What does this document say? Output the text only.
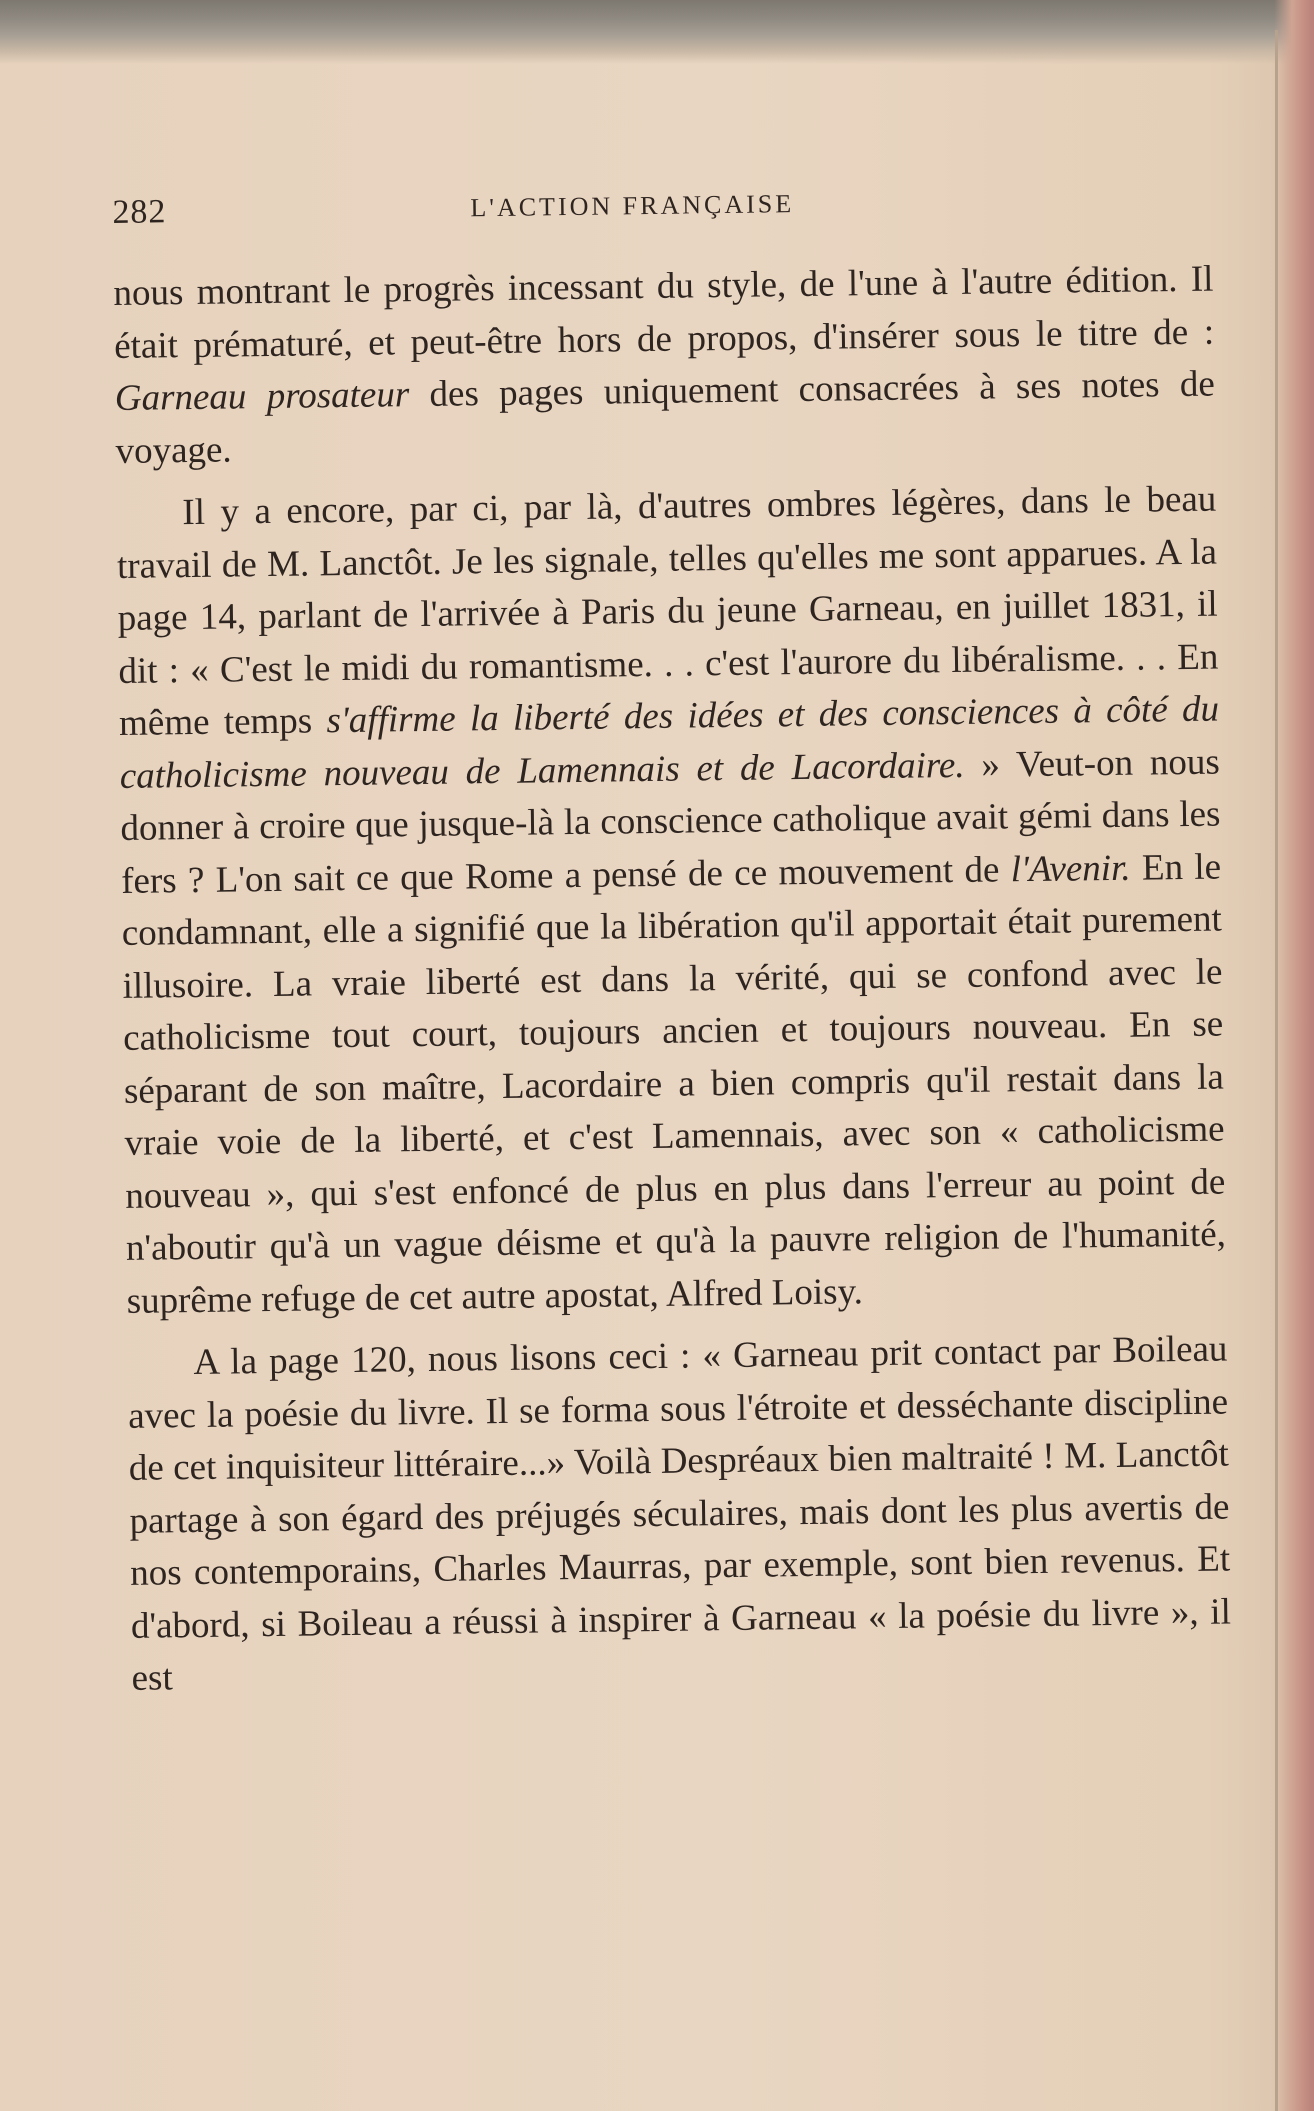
282	L'ACTION FRANÇAISE

nous montrant le progrès incessant du style, de l'une à l'autre édition. Il était prématuré, et peut-être hors de propos, d'insérer sous le titre de : Garneau prosateur des pages uniquement consacrées à ses notes de voyage.

Il y a encore, par ci, par là, d'autres ombres légères, dans le beau travail de M. Lanctôt. Je les signale, telles qu'elles me sont apparues. A la page 14, parlant de l'arrivée à Paris du jeune Garneau, en juillet 1831, il dit : « C'est le midi du romantisme. . . c'est l'aurore du libéralisme. . . En même temps s'affirme la liberté des idées et des consciences à côté du catholicisme nouveau de Lamennais et de Lacordaire. » Veut-on nous donner à croire que jusque-là la conscience catholique avait gémi dans les fers ? L'on sait ce que Rome a pensé de ce mouvement de l'Avenir. En le condamnant, elle a signifié que la libération qu'il apportait était purement illusoire. La vraie liberté est dans la vérité, qui se confond avec le catholicisme tout court, toujours ancien et toujours nouveau. En se séparant de son maître, Lacordaire a bien compris qu'il restait dans la vraie voie de la liberté, et c'est Lamennais, avec son « catholicisme nouveau », qui s'est enfoncé de plus en plus dans l'erreur au point de n'aboutir qu'à un vague déisme et qu'à la pauvre religion de l'humanité, suprême refuge de cet autre apostat, Alfred Loisy.

A la page 120, nous lisons ceci : « Garneau prit contact par Boileau avec la poésie du livre. Il se forma sous l'étroite et desséchante discipline de cet inquisiteur littéraire...» Voilà Despréaux bien maltraité ! M. Lanctôt partage à son égard des préjugés séculaires, mais dont les plus avertis de nos contemporains, Charles Maurras, par exemple, sont bien revenus. Et d'abord, si Boileau a réussi à inspirer à Garneau « la poésie du livre », il est
